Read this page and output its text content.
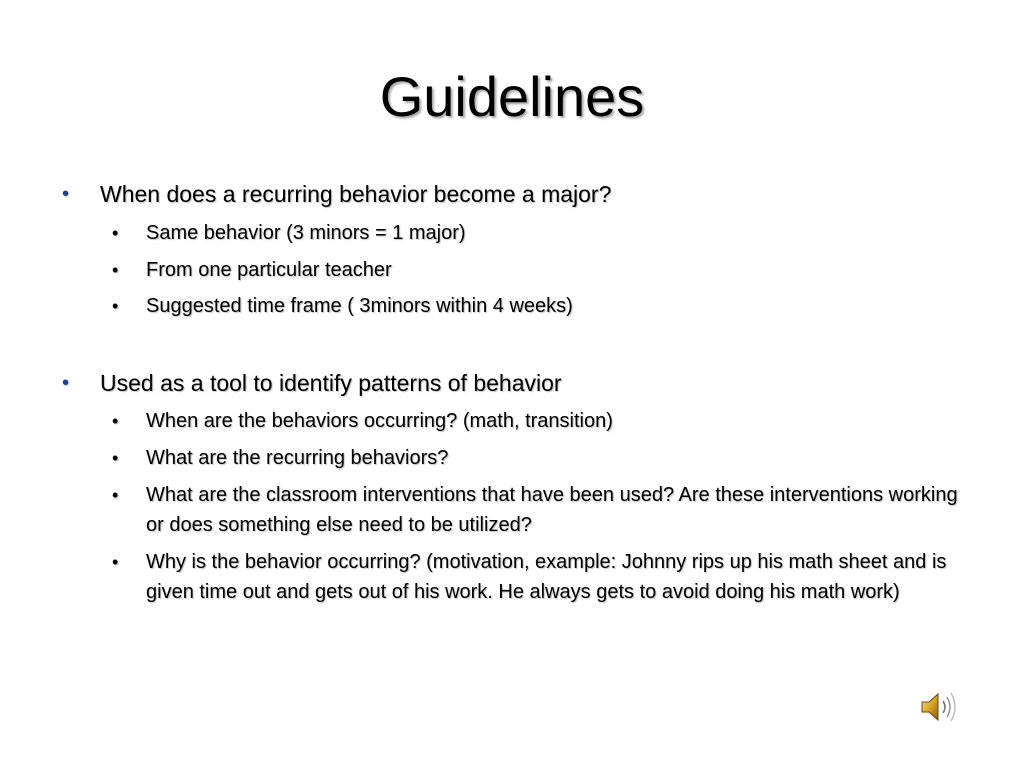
Guidelines
• When does a recurring behavior become a major?
• Same behavior (3 minors = 1 major)
• From one particular teacher
• Suggested time frame ( 3minors within 4 weeks)
• Used as a tool to identify patterns of behavior
• When are the behaviors occurring? (math, transition)
• What are the recurring behaviors?
• What are the classroom interventions that have been used? Are these interventions working or does something else need to be utilized?
• Why is the behavior occurring? (motivation, example: Johnny rips up his math sheet and is given time out and gets out of his work. He always gets to avoid doing his math work)
